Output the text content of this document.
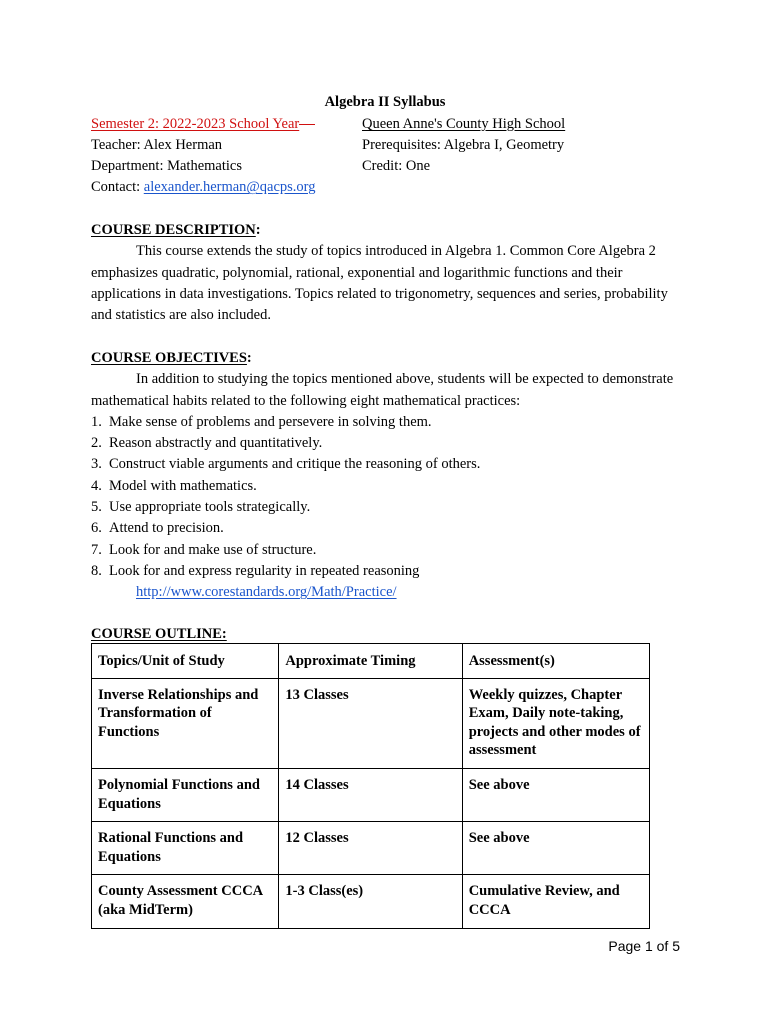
Algebra II Syllabus
Semester 2: 2022-2023 School Year
Teacher: Alex Herman
Department: Mathematics
Contact: alexander.herman@qacps.org
Queen Anne's County High School
Prerequisites: Algebra I, Geometry
Credit: One
COURSE DESCRIPTION:
This course extends the study of topics introduced in Algebra 1. Common Core Algebra 2 emphasizes quadratic, polynomial, rational, exponential and logarithmic functions and their applications in data investigations. Topics related to trigonometry, sequences and series, probability and statistics are also included.
COURSE OBJECTIVES:
In addition to studying the topics mentioned above, students will be expected to demonstrate mathematical habits related to the following eight mathematical practices:
1. Make sense of problems and persevere in solving them.
2. Reason abstractly and quantitatively.
3. Construct viable arguments and critique the reasoning of others.
4. Model with mathematics.
5. Use appropriate tools strategically.
6. Attend to precision.
7. Look for and make use of structure.
8. Look for and express regularity in repeated reasoning
http://www.corestandards.org/Math/Practice/
COURSE OUTLINE:
Topics/Unit of Study	Approximate Timing	Assessment(s)
Inverse Relationships and Transformation of Functions	13 Classes	Weekly quizzes, Chapter Exam, Daily note-taking, projects and other modes of assessment
Polynomial Functions and Equations	14 Classes	See above
Rational Functions and Equations	12 Classes	See above
County Assessment CCCA (aka MidTerm)	1-3 Class(es)	Cumulative Review, and CCCA
Page 1 of 5
